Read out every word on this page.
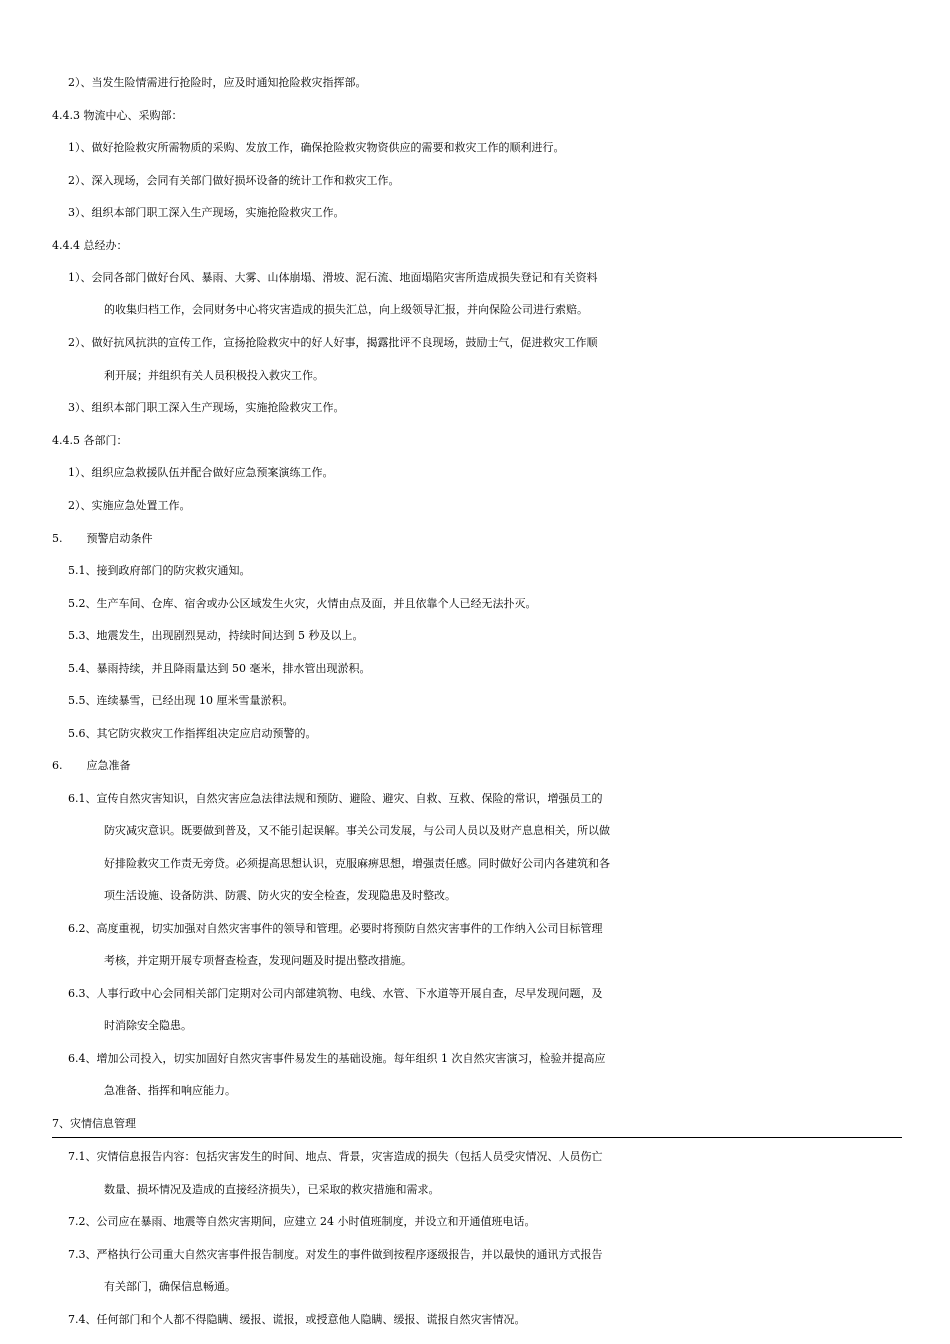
2）、当发生险情需进行抢险时，应及时通知抢险救灾指挥部。
4.4.3 物流中心、采购部：
1）、做好抢险救灾所需物质的采购、发放工作，确保抢险救灾物资供应的需要和救灾工作的顺利进行。
2）、深入现场，会同有关部门做好损坏设备的统计工作和救灾工作。
3）、组织本部门职工深入生产现场，实施抢险救灾工作。
4.4.4 总经办：
1）、会同各部门做好台风、暴雨、大雾、山体崩塌、滑坡、泥石流、地面塌陷灾害所造成损失登记和有关资料
的收集归档工作，会同财务中心将灾害造成的损失汇总，向上级领导汇报，并向保险公司进行索赔。
2）、做好抗风抗洪的宣传工作，宣扬抢险救灾中的好人好事，揭露批评不良现场，鼓励士气，促进救灾工作顺
利开展；并组织有关人员积极投入救灾工作。
3）、组织本部门职工深入生产现场，实施抢险救灾工作。
4.4.5 各部门：
1）、组织应急救援队伍并配合做好应急预案演练工作。
2）、实施应急处置工作。
5. 预警启动条件
5.1、接到政府部门的防灾救灾通知。
5.2、生产车间、仓库、宿舍或办公区域发生火灾，火情由点及面，并且依靠个人已经无法扑灭。
5.3、地震发生，出现剧烈晃动，持续时间达到 5 秒及以上。
5.4、暴雨持续，并且降雨量达到 50 毫米，排水管出现淤积。
5.5、连续暴雪，已经出现 10 厘米雪量淤积。
5.6、其它防灾救灾工作指挥组决定应启动预警的。
6. 应急准备
6.1、宣传自然灾害知识，自然灾害应急法律法规和预防、避险、避灾、自救、互救、保险的常识，增强员工的
防灾减灾意识。既要做到普及，又不能引起误解。事关公司发展，与公司人员以及财产息息相关，所以做
好排险救灾工作责无旁贷。必须提高思想认识，克服麻痹思想，增强责任感。同时做好公司内各建筑和各
项生活设施、设备防洪、防震、防火灾的安全检查，发现隐患及时整改。
6.2、高度重视，切实加强对自然灾害事件的领导和管理。必要时将预防自然灾害事件的工作纳入公司目标管理
考核，并定期开展专项督查检查，发现问题及时提出整改措施。
6.3、人事行政中心会同相关部门定期对公司内部建筑物、电线、水管、下水道等开展自查，尽早发现问题，及
时消除安全隐患。
6.4、增加公司投入，切实加固好自然灾害事件易发生的基础设施。每年组织 1 次自然灾害演习，检验并提高应
急准备、指挥和响应能力。
7、灾情信息管理
7.1、灾情信息报告内容：包括灾害发生的时间、地点、背景，灾害造成的损失（包括人员受灾情况、人员伤亡
数量、损坏情况及造成的直接经济损失），已采取的救灾措施和需求。
7.2、公司应在暴雨、地震等自然灾害期间，应建立 24 小时值班制度，并设立和开通值班电话。
7.3、严格执行公司重大自然灾害事件报告制度。对发生的事件做到按程序逐级报告，并以最快的通讯方式报告
有关部门，确保信息畅通。
7.4、任何部门和个人都不得隐瞒、缓报、谎报，或授意他人隐瞒、缓报、谎报自然灾害情况。
